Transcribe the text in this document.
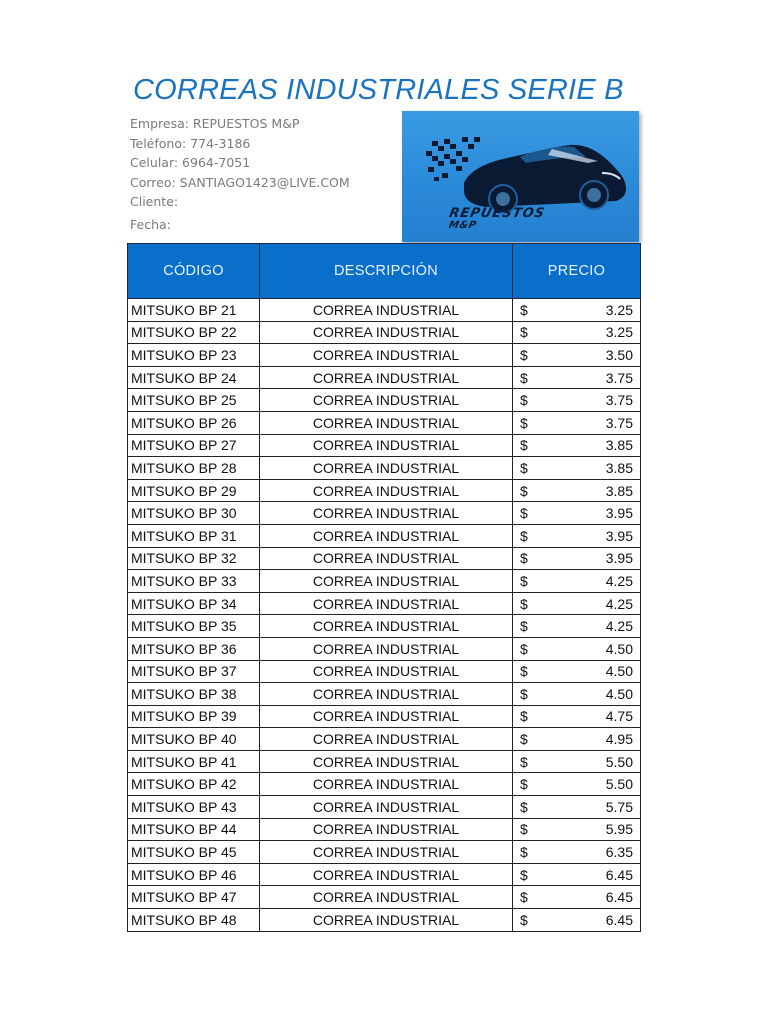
CORREAS INDUSTRIALES SERIE B
Empresa: REPUESTOS M&P
Teléfono: 774-3186
Celular: 6964-7051
Correo: SANTIAGO1423@LIVE.COM
Cliente:
Fecha:
REPUESTOS
M&P
CÓDIGO	DESCRIPCIÓN	PRECIO
MITSUKO BP 21	CORREA INDUSTRIAL	$ 3.25

MITSUKO BP 22	CORREA INDUSTRIAL	$ 3.25

MITSUKO BP 23	CORREA INDUSTRIAL	$ 3.50

MITSUKO BP 24	CORREA INDUSTRIAL	$ 3.75

MITSUKO BP 25	CORREA INDUSTRIAL	$ 3.75

MITSUKO BP 26	CORREA INDUSTRIAL	$ 3.75

MITSUKO BP 27	CORREA INDUSTRIAL	$ 3.85

MITSUKO BP 28	CORREA INDUSTRIAL	$ 3.85

MITSUKO BP 29	CORREA INDUSTRIAL	$ 3.85

MITSUKO BP 30	CORREA INDUSTRIAL	$ 3.95

MITSUKO BP 31	CORREA INDUSTRIAL	$ 3.95

MITSUKO BP 32	CORREA INDUSTRIAL	$ 3.95

MITSUKO BP 33	CORREA INDUSTRIAL	$ 4.25

MITSUKO BP 34	CORREA INDUSTRIAL	$ 4.25

MITSUKO BP 35	CORREA INDUSTRIAL	$ 4.25

MITSUKO BP 36	CORREA INDUSTRIAL	$ 4.50

MITSUKO BP 37	CORREA INDUSTRIAL	$ 4.50

MITSUKO BP 38	CORREA INDUSTRIAL	$ 4.50

MITSUKO BP 39	CORREA INDUSTRIAL	$ 4.75

MITSUKO BP 40	CORREA INDUSTRIAL	$ 4.95

MITSUKO BP 41	CORREA INDUSTRIAL	$ 5.50

MITSUKO BP 42	CORREA INDUSTRIAL	$ 5.50

MITSUKO BP 43	CORREA INDUSTRIAL	$ 5.75

MITSUKO BP 44	CORREA INDUSTRIAL	$ 5.95

MITSUKO BP 45	CORREA INDUSTRIAL	$ 6.35

MITSUKO BP 46	CORREA INDUSTRIAL	$ 6.45

MITSUKO BP 47	CORREA INDUSTRIAL	$ 6.45

MITSUKO BP 48	CORREA INDUSTRIAL	$ 6.45
